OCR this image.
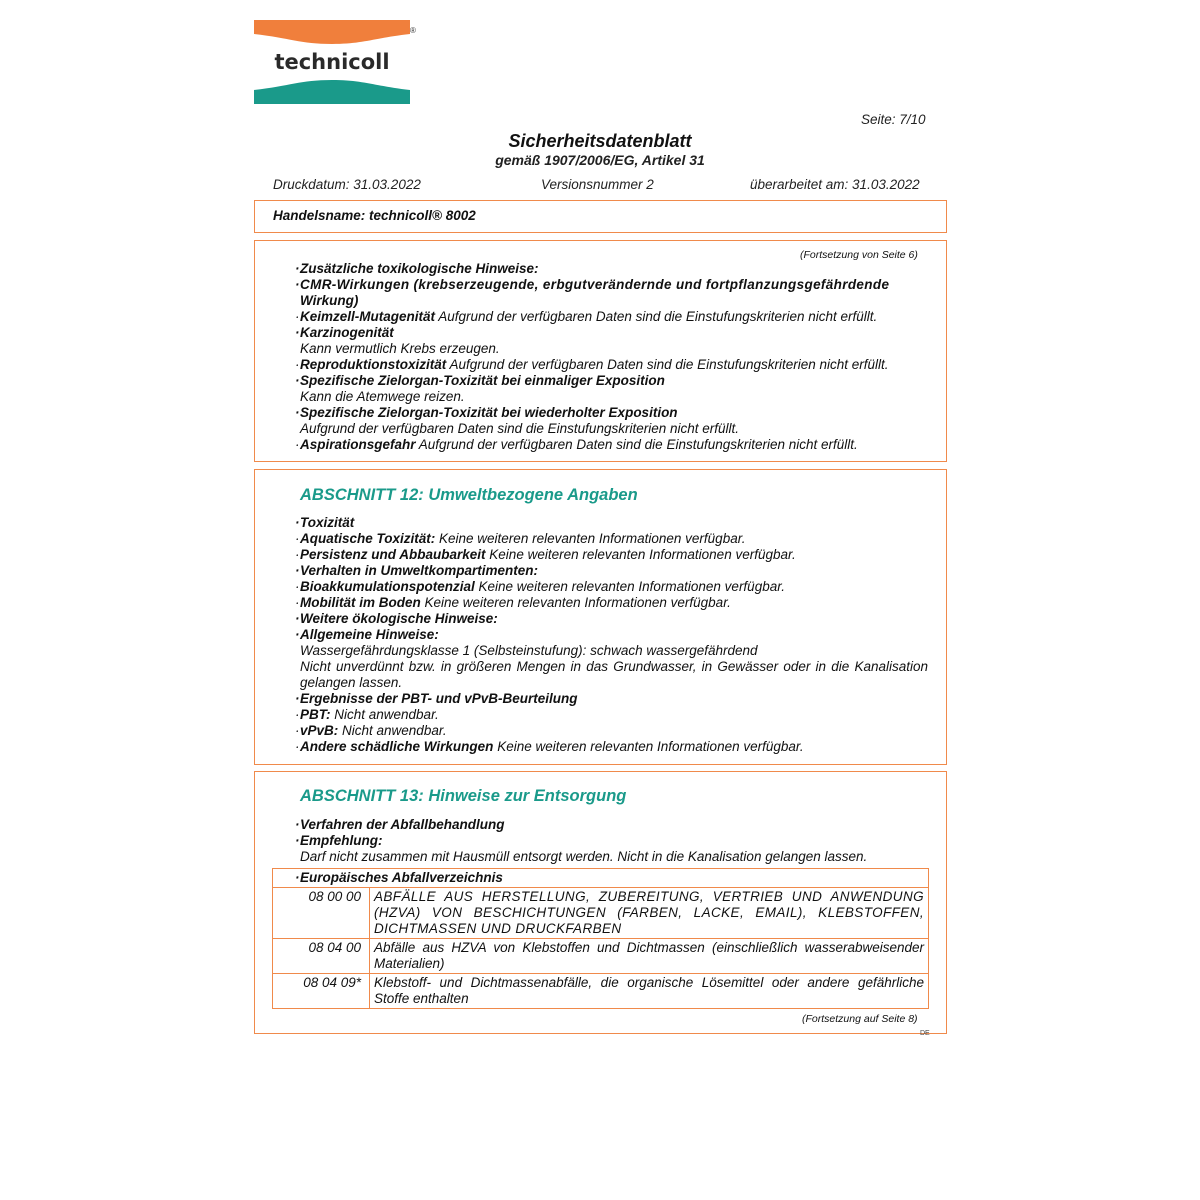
technicoll
®
Seite: 7/10
Sicherheitsdatenblatt
gemäß 1907/2006/EG, Artikel 31
Druckdatum: 31.03.2022	Versionsnummer 2	überarbeitet am: 31.03.2022
Handelsname: technicoll® 8002
(Fortsetzung von Seite 6)
· Zusätzliche toxikologische Hinweise:
· CMR-Wirkungen (krebserzeugende, erbgutverändernde und fortpflanzungsgefährdende
Wirkung)
· Keimzell-Mutagenität Aufgrund der verfügbaren Daten sind die Einstufungskriterien nicht erfüllt.
· Karzinogenität
Kann vermutlich Krebs erzeugen.
· Reproduktionstoxizität Aufgrund der verfügbaren Daten sind die Einstufungskriterien nicht erfüllt.
· Spezifische Zielorgan-Toxizität bei einmaliger Exposition
Kann die Atemwege reizen.
· Spezifische Zielorgan-Toxizität bei wiederholter Exposition
Aufgrund der verfügbaren Daten sind die Einstufungskriterien nicht erfüllt.
· Aspirationsgefahr Aufgrund der verfügbaren Daten sind die Einstufungskriterien nicht erfüllt.
ABSCHNITT 12: Umweltbezogene Angaben
· Toxizität
· Aquatische Toxizität: Keine weiteren relevanten Informationen verfügbar.
· Persistenz und Abbaubarkeit Keine weiteren relevanten Informationen verfügbar.
· Verhalten in Umweltkompartimenten:
· Bioakkumulationspotenzial Keine weiteren relevanten Informationen verfügbar.
· Mobilität im Boden Keine weiteren relevanten Informationen verfügbar.
· Weitere ökologische Hinweise:
· Allgemeine Hinweise:
Wassergefährdungsklasse 1 (Selbsteinstufung): schwach wassergefährdend
Nicht unverdünnt bzw. in größeren Mengen in das Grundwasser, in Gewässer oder in die Kanalisation gelangen lassen.
· Ergebnisse der PBT- und vPvB-Beurteilung
· PBT: Nicht anwendbar.
· vPvB: Nicht anwendbar.
· Andere schädliche Wirkungen Keine weiteren relevanten Informationen verfügbar.
ABSCHNITT 13: Hinweise zur Entsorgung
· Verfahren der Abfallbehandlung
· Empfehlung:
Darf nicht zusammen mit Hausmüll entsorgt werden. Nicht in die Kanalisation gelangen lassen.
· Europäisches Abfallverzeichnis
08 00 00	ABFÄLLE AUS HERSTELLUNG, ZUBEREITUNG, VERTRIEB UND ANWENDUNG (HZVA) VON BESCHICHTUNGEN (FARBEN, LACKE, EMAIL), KLEBSTOFFEN, DICHTMASSEN UND DRUCKFARBEN
08 04 00	Abfälle aus HZVA von Klebstoffen und Dichtmassen (einschließlich wasserabweisender Materialien)
08 04 09*	Klebstoff- und Dichtmassenabfälle, die organische Lösemittel oder andere gefährliche Stoffe enthalten
(Fortsetzung auf Seite 8)
DE
